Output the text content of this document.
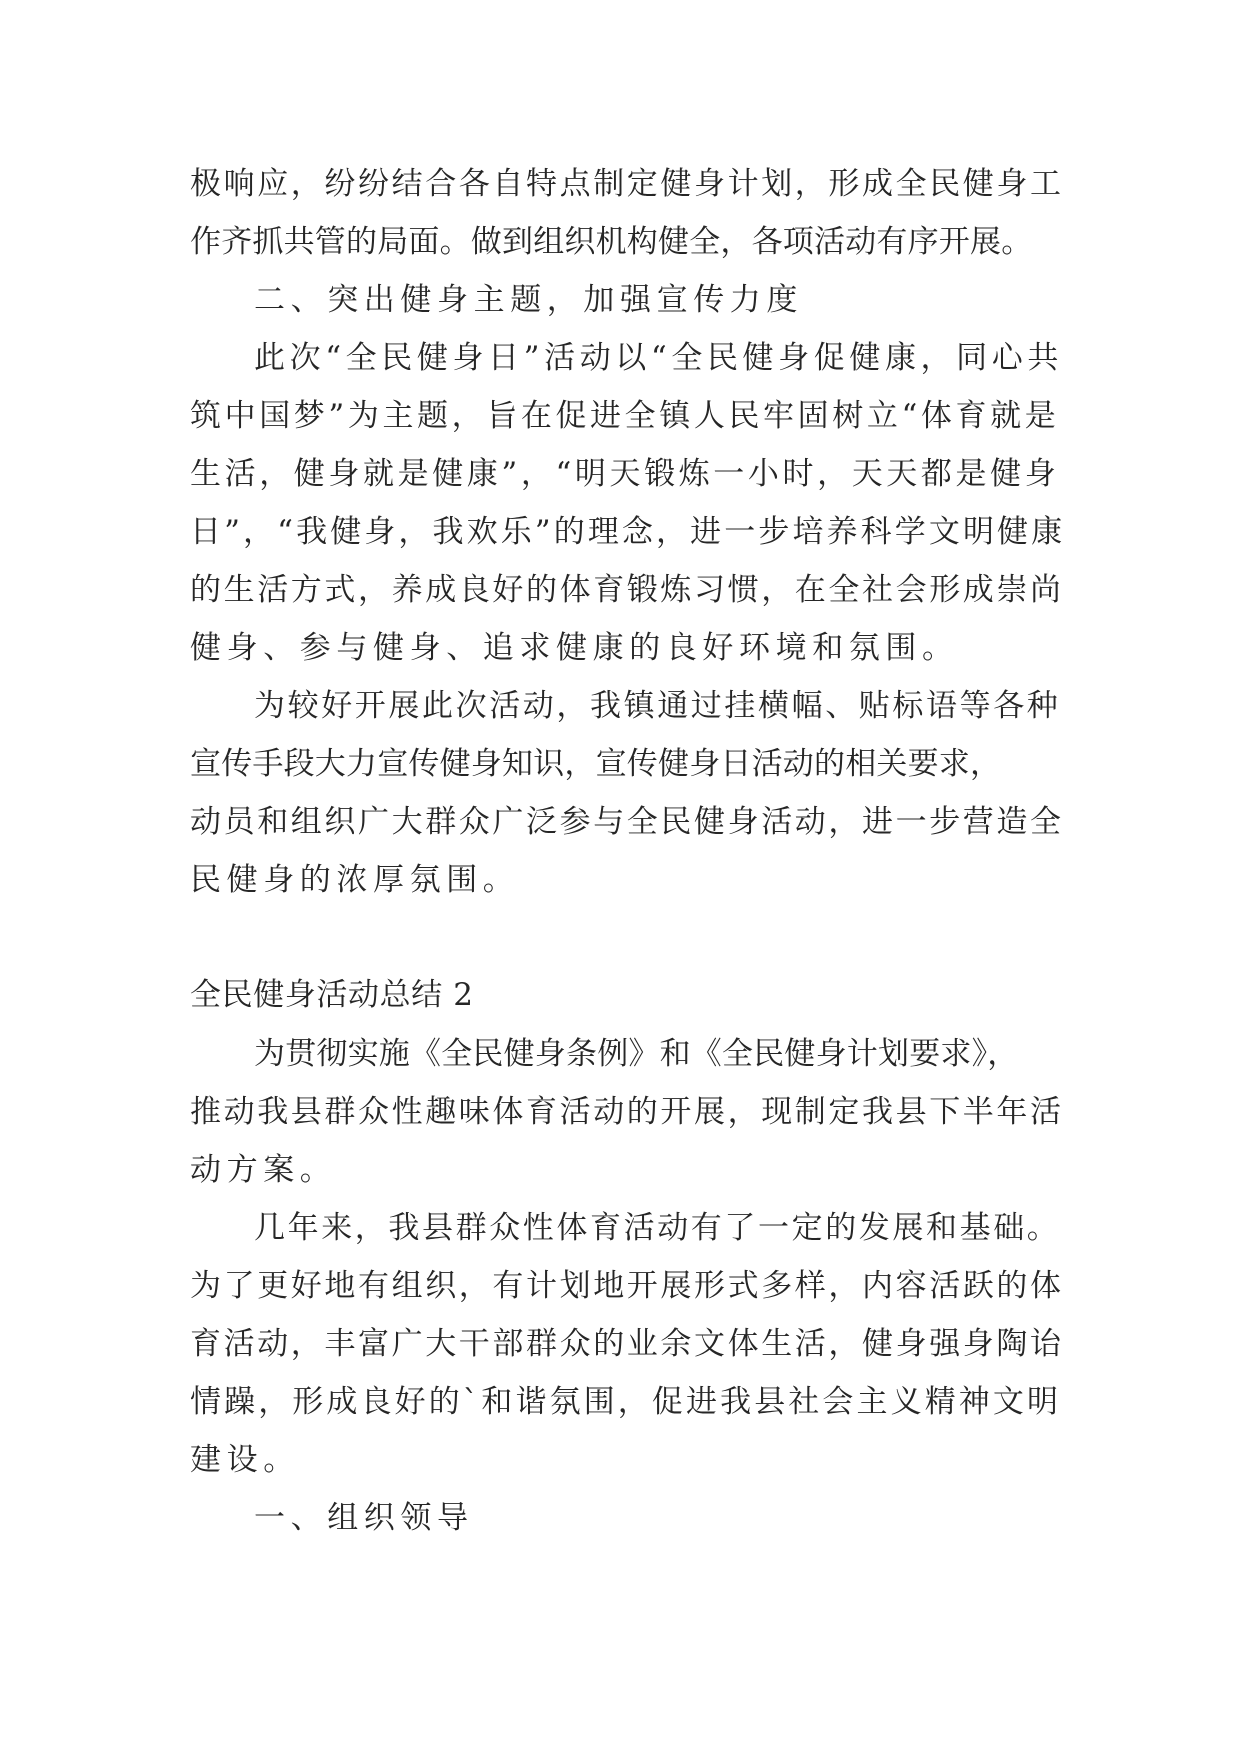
极响应，纷纷结合各自特点制定健身计划，形成全民健身工
作齐抓共管的局面。做到组织机构健全，各项活动有序开展。
二、突出健身主题，加强宣传力度
此次“全民健身日”活动以“全民健身促健康，同心共
筑中国梦”为主题，旨在促进全镇人民牢固树立“体育就是
生活，健身就是健康”，“明天锻炼一小时，天天都是健身
日”，“我健身，我欢乐”的理念，进一步培养科学文明健康
的生活方式，养成良好的体育锻炼习惯，在全社会形成崇尚
健身、参与健身、追求健康的良好环境和氛围。
为较好开展此次活动，我镇通过挂横幅、贴标语等各种
宣传手段大力宣传健身知识，宣传健身日活动的相关要求，
动员和组织广大群众广泛参与全民健身活动，进一步营造全
民健身的浓厚氛围。
全民健身活动总结 2
为贯彻实施《全民健身条例》和《全民健身计划要求》，
推动我县群众性趣味体育活动的开展，现制定我县下半年活
动方案。
几年来，我县群众性体育活动有了一定的发展和基础。
为了更好地有组织，有计划地开展形式多样，内容活跃的体
育活动，丰富广大干部群众的业余文体生活，健身强身陶诒
情躁，形成良好的`和谐氛围，促进我县社会主义精神文明
建设。
一、组织领导
